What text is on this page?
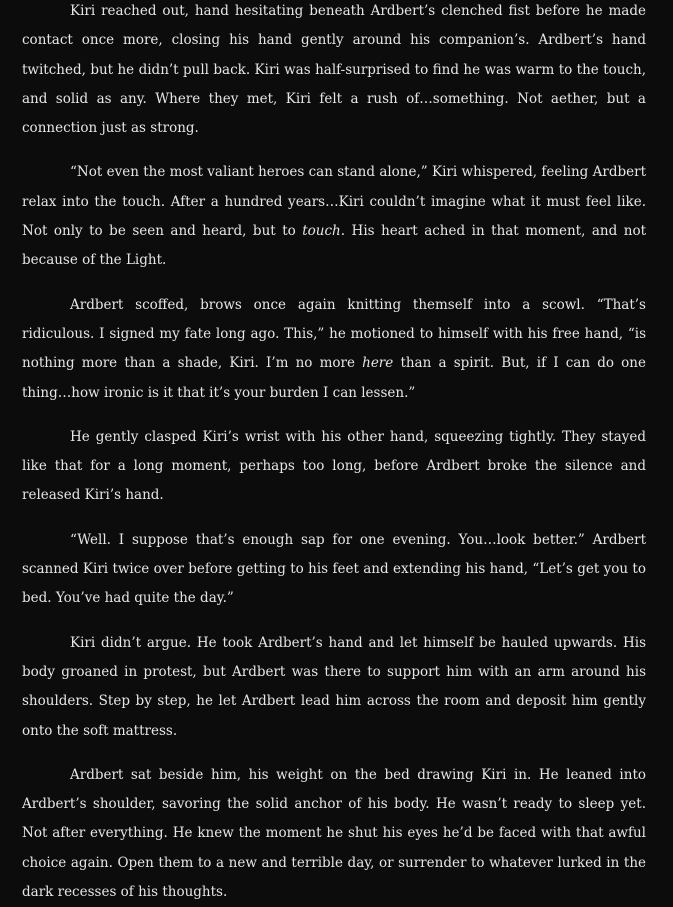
Kiri reached out, hand hesitating beneath Ardbert’s clenched fist before he made contact once more, closing his hand gently around his companion’s. Ardbert’s hand twitched, but he didn’t pull back. Kiri was half-surprised to find he was warm to the touch, and solid as any. Where they met, Kiri felt a rush of…something. Not aether, but a connection just as strong.

“Not even the most valiant heroes can stand alone,” Kiri whispered, feeling Ardbert relax into the touch. After a hundred years…Kiri couldn’t imagine what it must feel like. Not only to be seen and heard, but to touch. His heart ached in that moment, and not because of the Light.

Ardbert scoffed, brows once again knitting themself into a scowl. “That’s ridiculous. I signed my fate long ago. This,” he motioned to himself with his free hand, “is nothing more than a shade, Kiri. I’m no more here than a spirit. But, if I can do one thing…how ironic is it that it’s your burden I can lessen.”

He gently clasped Kiri’s wrist with his other hand, squeezing tightly. They stayed like that for a long moment, perhaps too long, before Ardbert broke the silence and released Kiri’s hand.

“Well. I suppose that’s enough sap for one evening. You…look better.” Ardbert scanned Kiri twice over before getting to his feet and extending his hand, “Let’s get you to bed. You’ve had quite the day.”

Kiri didn’t argue. He took Ardbert’s hand and let himself be hauled upwards. His body groaned in protest, but Ardbert was there to support him with an arm around his shoulders. Step by step, he let Ardbert lead him across the room and deposit him gently onto the soft mattress.

Ardbert sat beside him, his weight on the bed drawing Kiri in. He leaned into Ardbert’s shoulder, savoring the solid anchor of his body. He wasn’t ready to sleep yet. Not after everything. He knew the moment he shut his eyes he’d be faced with that awful choice again. Open them to a new and terrible day, or surrender to whatever lurked in the dark recesses of his thoughts.
